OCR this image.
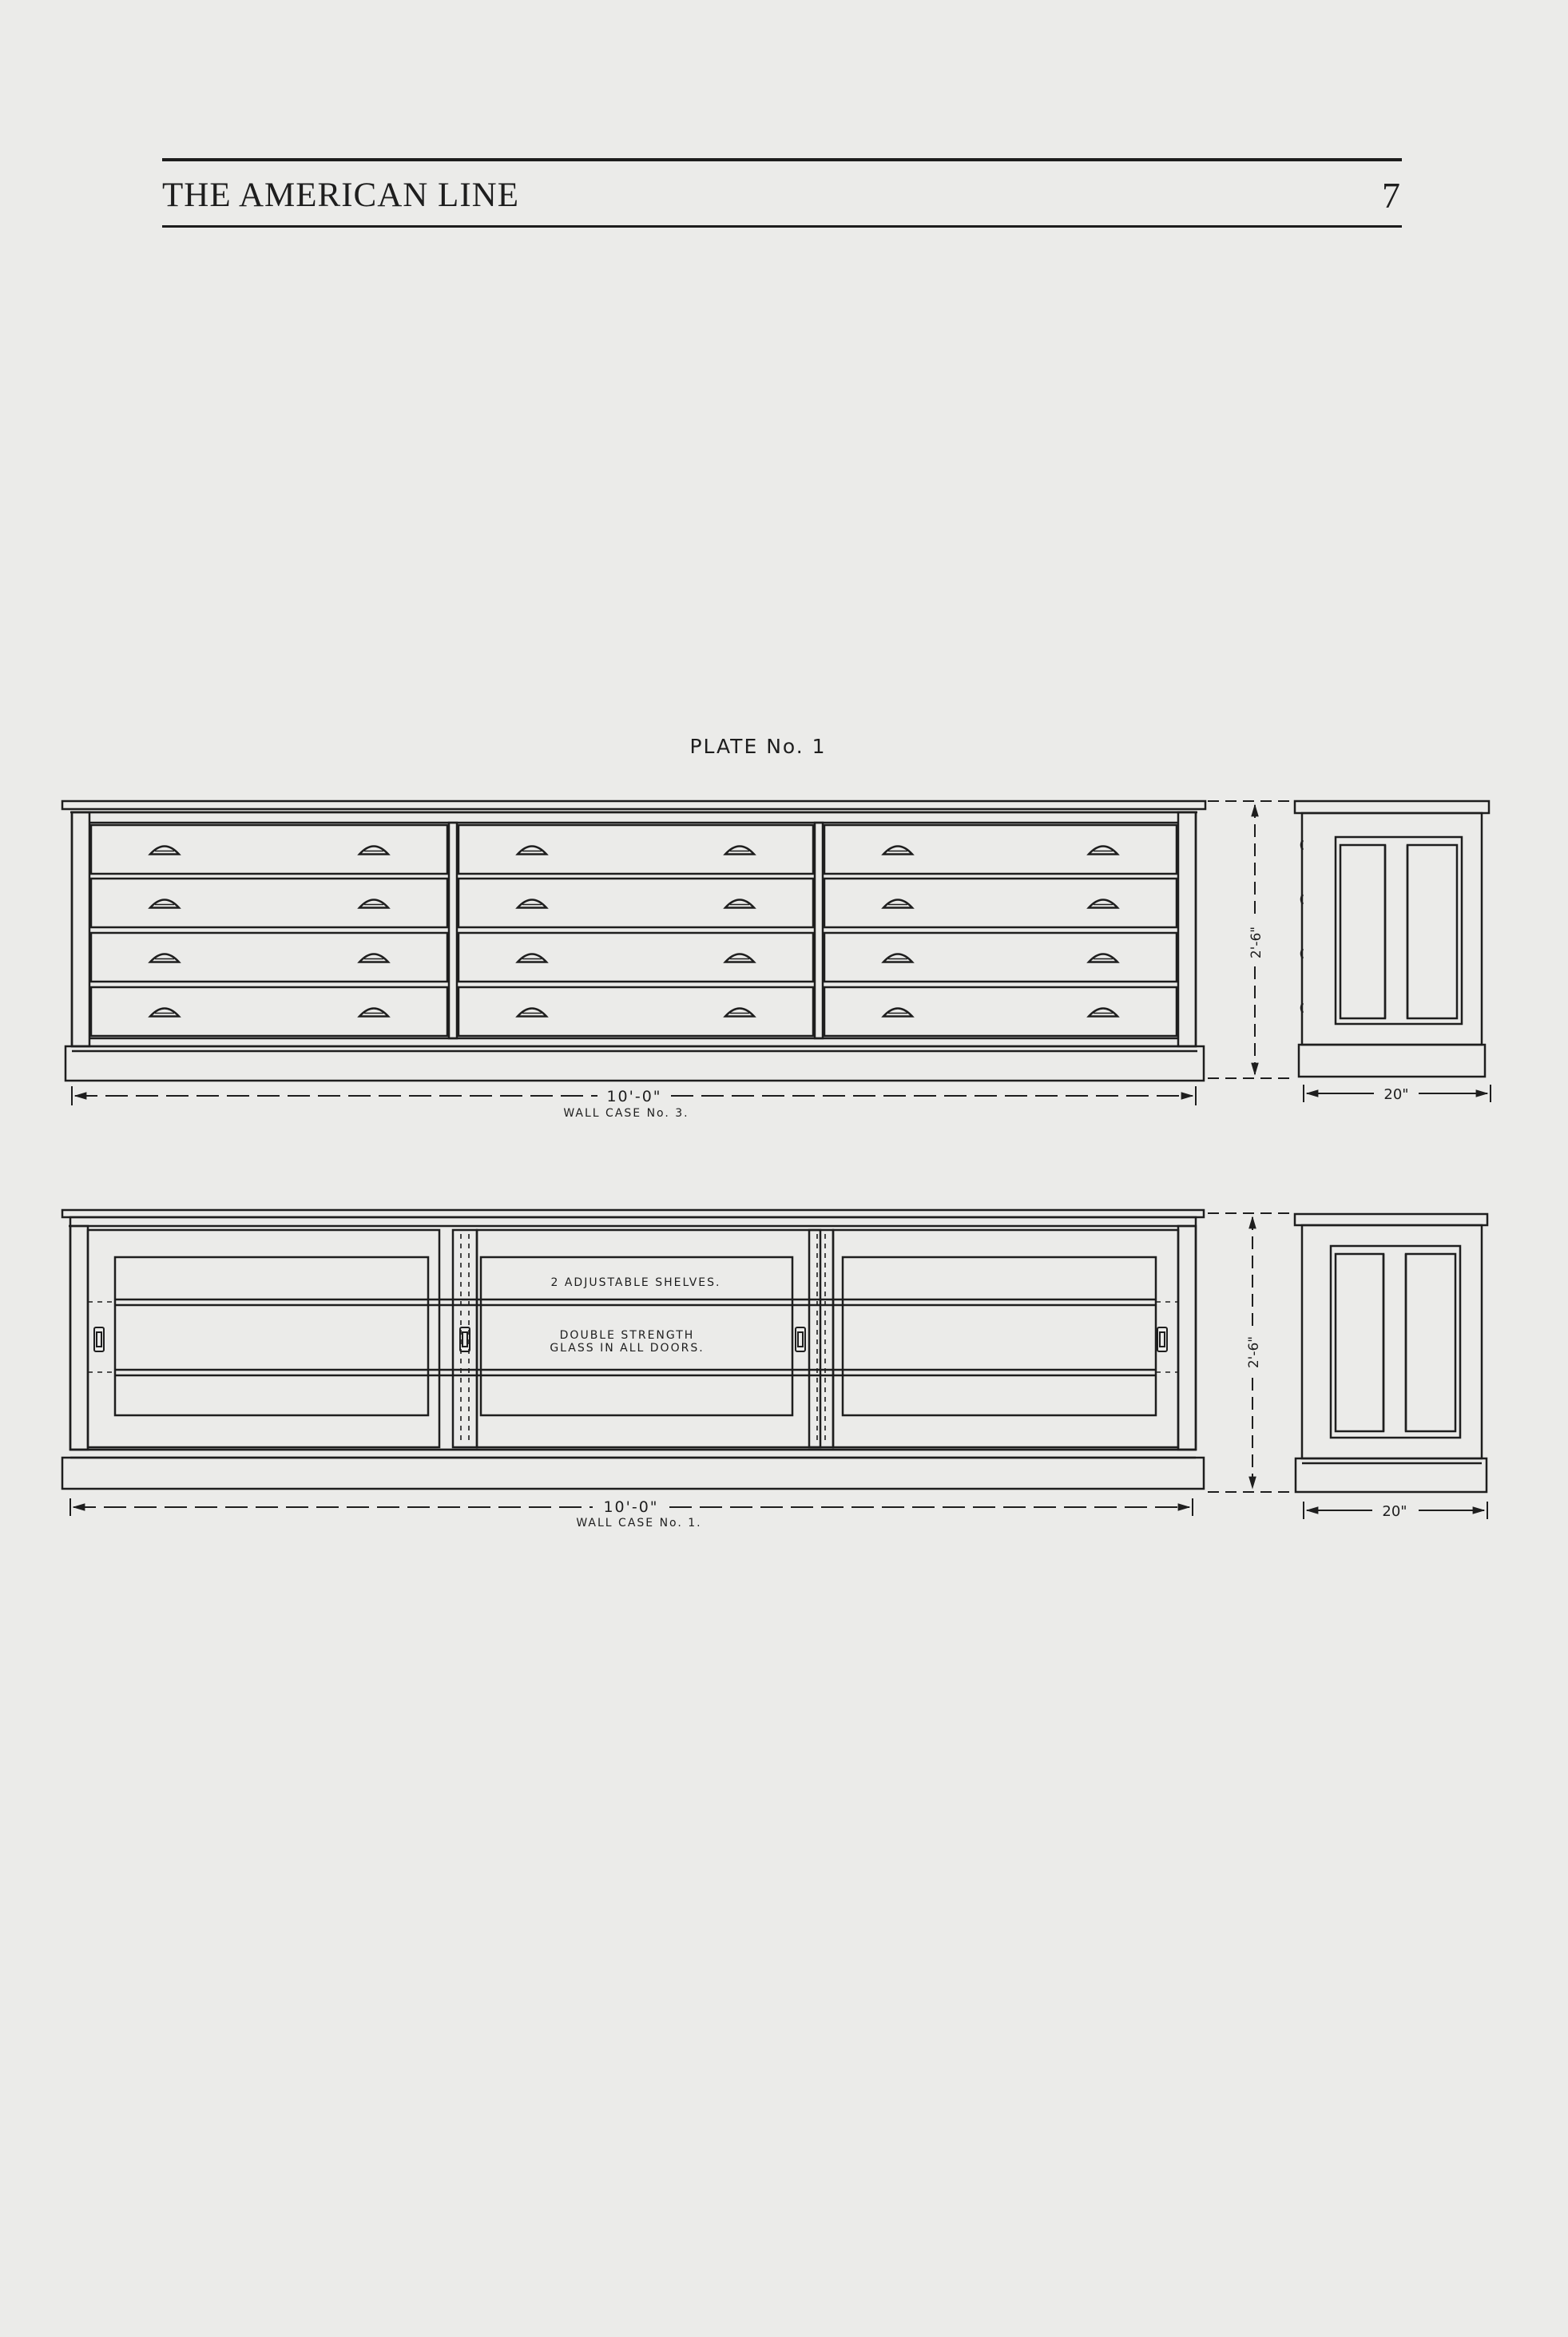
THE AMERICAN LINE	7
PLATE No. 1
10'-0"
WALL CASE No. 3.
2'-6"
20"
2 ADJUSTABLE SHELVES.
DOUBLE STRENGTH
GLASS IN ALL DOORS.
10'-0"
WALL CASE No. 1.
2'-6"
20"
